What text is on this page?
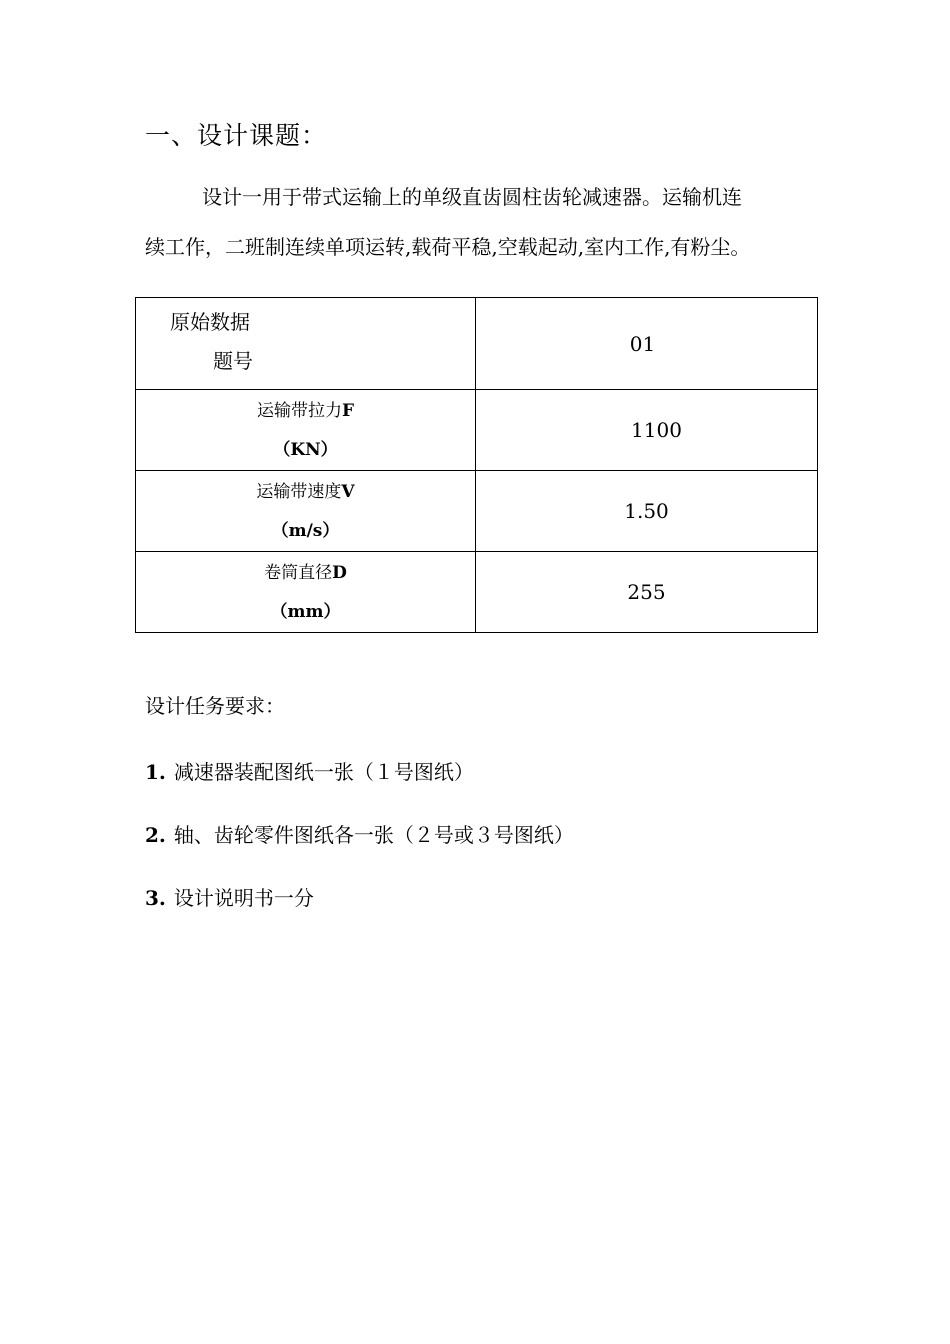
一、设计课题：
设计一用于带式运输上的单级直齿圆柱齿轮减速器。运输机连
续工作，二班制连续单项运转,载荷平稳,空载起动,室内工作,有粉尘。
原始数据
题号	01

运输带拉力F
（KN）	1100

运输带速度V
（m/s）	1.50

卷筒直径D
（mm）	255
设计任务要求：
1. 减速器装配图纸一张（１号图纸）
2. 轴、齿轮零件图纸各一张（２号或３号图纸）
3. 设计说明书一分
